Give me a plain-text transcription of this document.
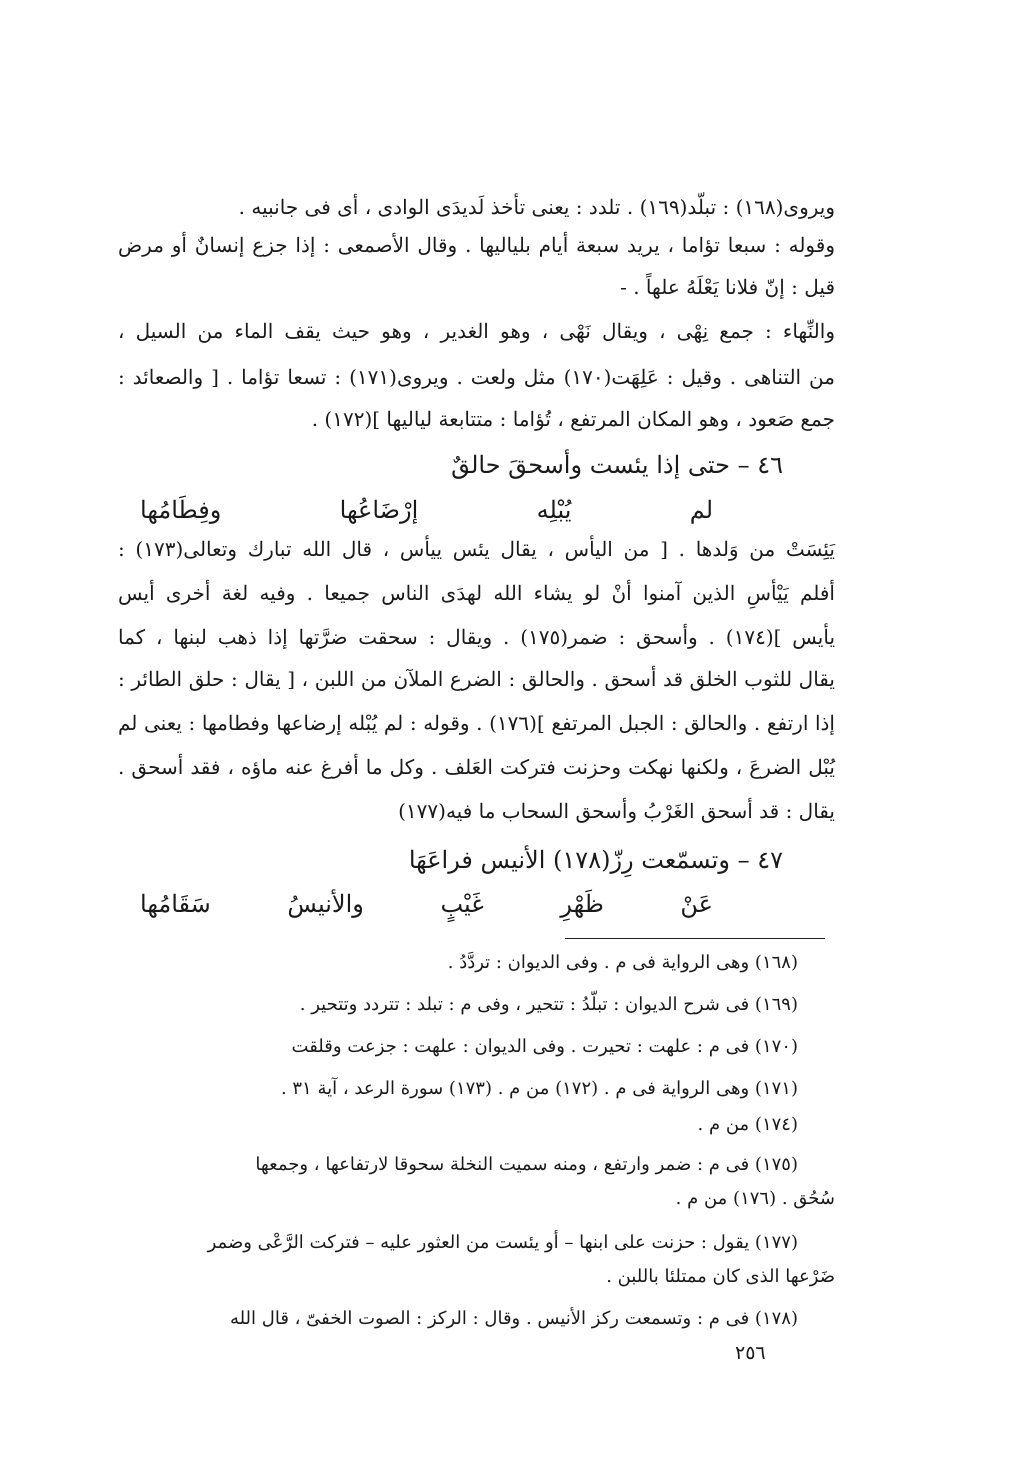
ويروى(١٦٨) : تبلّد(١٦٩) . تلدد : يعنى تأخذ لَديدَى الوادى ، أى فى جانبيه .
وقوله : سبعا تؤاما ، يريد سبعة أيام بلياليها . وقال الأصمعى : إذا جزع إنسانٌ أو مرض
قيل : إنّ فلانا يَعْلَهُ علهاً . -
والنِّهاء : جمع نِهْى ، ويقال نَهْى ، وهو الغدير ، وهو حيث يقف الماء من السيل ،
من التناهى . وقيل : عَلِهَت(١٧٠) مثل ولعت . ويروى(١٧١) : تسعا تؤاما . [ والصعائد :
جمع صَعود ، وهو المكان المرتفع ، تُؤاما : متتابعة لياليها ](١٧٢) .
٤٦ – حتى إذا يئست وأسحقَ حالقٌ
لم يُبْلِه إرْضَاعُها وفِطَامُها
يَئِسَتْ من وَلدها . [ من اليأس ، يقال يئس ييأس ، قال الله تبارك وتعالى(١٧٣) :
أفلم يَيْأسِ الذين آمنوا أنْ لو يشاء الله لهدَى الناس جميعا . وفيه لغة أخرى أيس
يأيس ](١٧٤) . وأسحق : ضمر(١٧٥) . ويقال : سحقت ضرَّتها إذا ذهب لبنها ، كما
يقال للثوب الخلق قد أسحق . والحالق : الضرع الملآن من اللبن ، [ يقال : حلق الطائر :
إذا ارتفع . والحالق : الجبل المرتفع ](١٧٦) . وقوله : لم يُبْله إرضاعها وفطامها : يعنى لم
يُبْل الضرعَ ، ولكنها نهكت وحزنت فتركت العَلف . وكل ما أفرغ عنه ماؤه ، فقد أسحق .
يقال : قد أسحق الغَرْبُ وأسحق السحاب ما فيه(١٧٧)
٤٧ – وتسمّعت رِزّ(١٧٨) الأنيس فراعَهَا
عَنْ ظَهْرِ غَيْبٍ والأنيسُ سَقَامُها
(١٦٨) وهى الرواية فى م . وفى الديوان : تردَّدُ .
(١٦٩) فى شرح الديوان : تبلّدُ : تتحير ، وفى م : تبلد : تتردد وتتحير .
(١٧٠) فى م : علهت : تحيرت . وفى الديوان : علهت : جزعت وقلقت
(١٧١) وهى الرواية فى م . (١٧٢) من م . (١٧٣) سورة الرعد ، آية ٣١ .
(١٧٤) من م .
(١٧٥) فى م : ضمر وارتفع ، ومنه سميت النخلة سحوقا لارتفاعها ، وجمعها
سُحُق . (١٧٦) من م .
(١٧٧) يقول : حزنت على ابنها – أو يئست من العثور عليه – فتركت الرَّعْى وضمر
ضَرْعها الذى كان ممتلئا باللبن .
(١٧٨) فى م : وتسمعت ركز الأنيس . وقال : الركز : الصوت الخفىّ ، قال الله
٢٥٦
